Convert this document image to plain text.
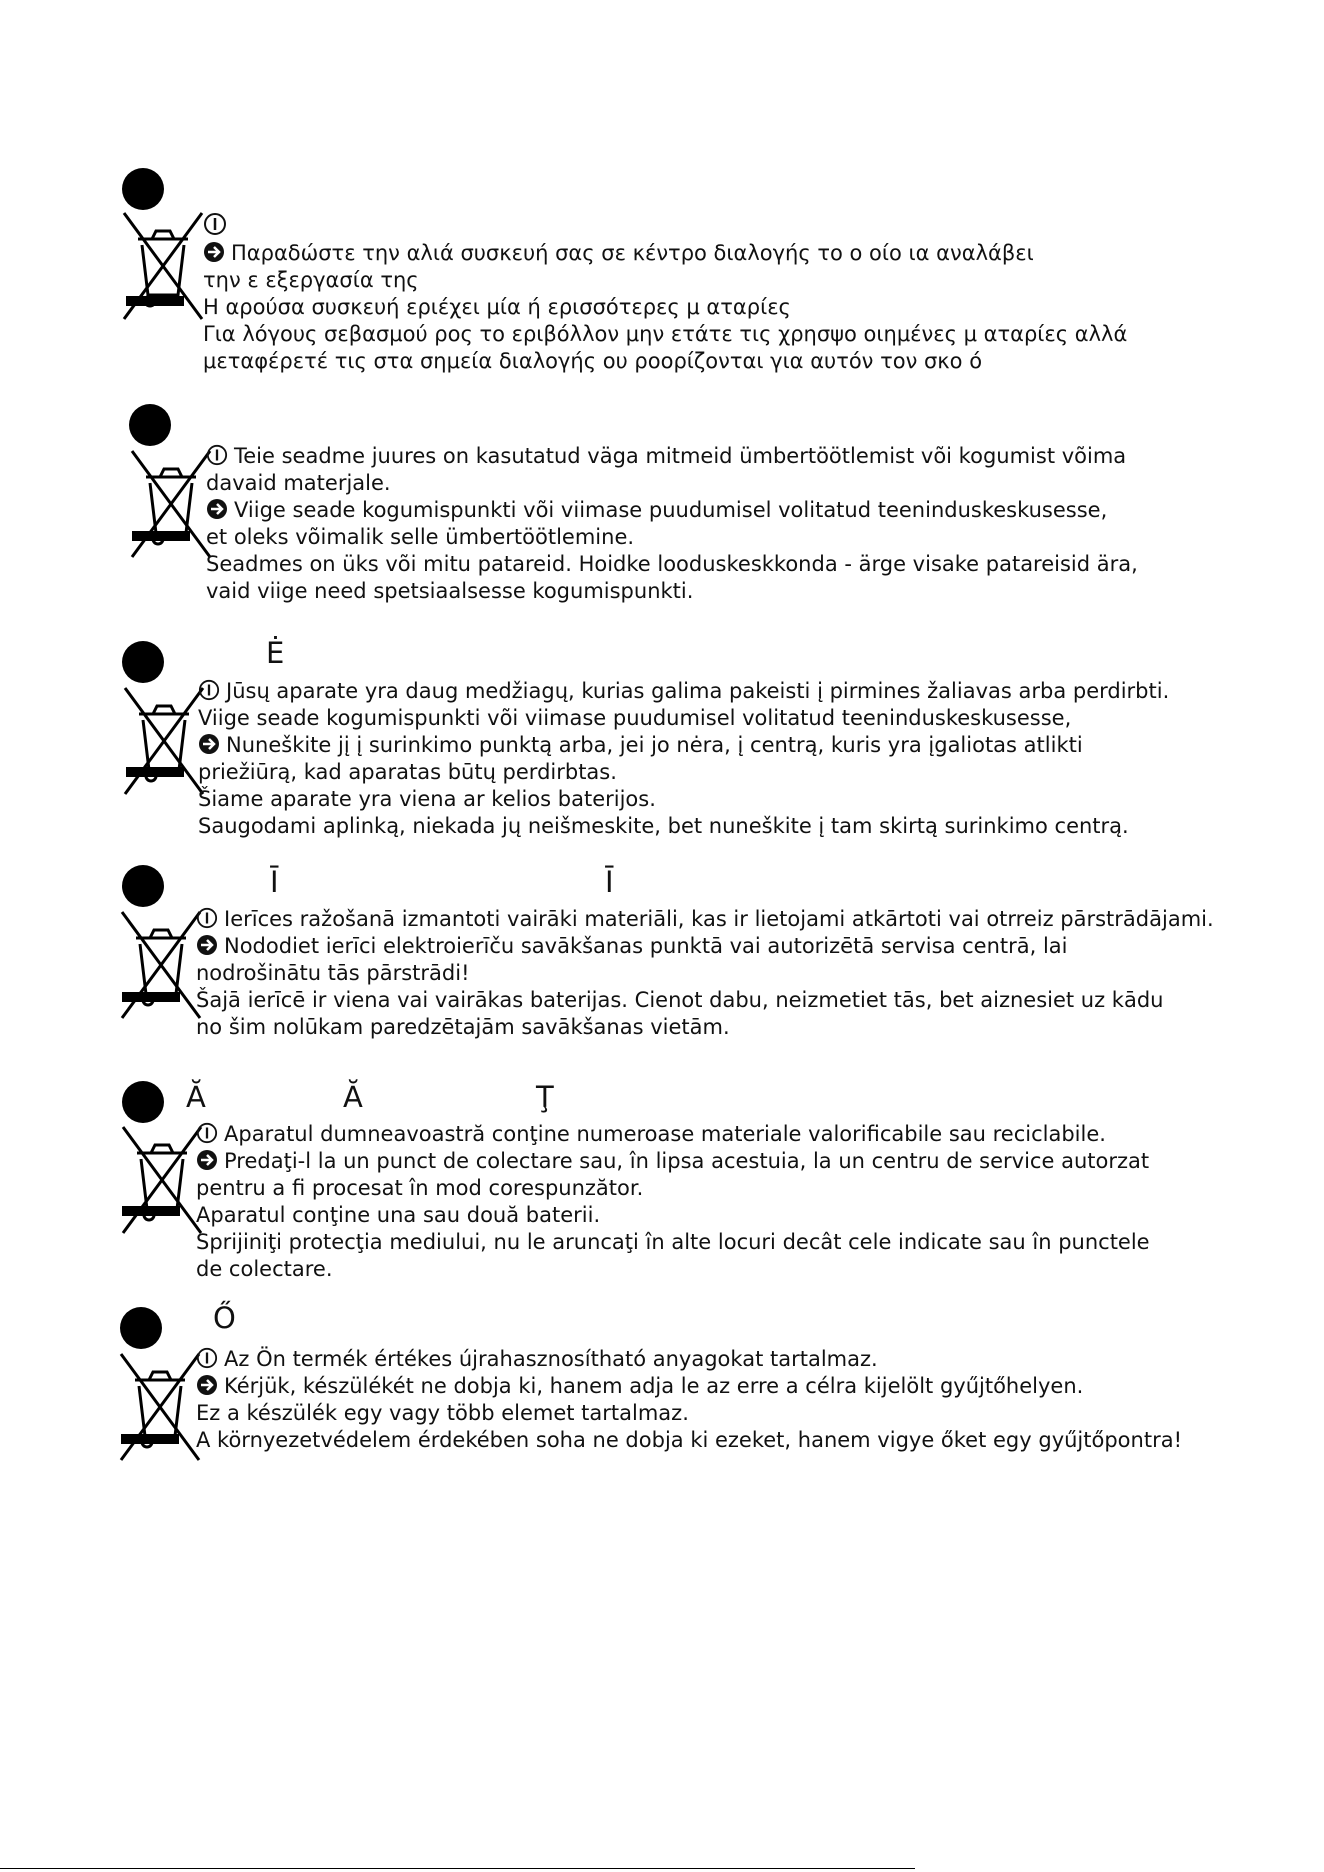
Παραδώστε την αλιά συσκευή σας σε κέντρο διαλογής το ο οίο ια αναλάβει
την ε εξεργασία της
Η αρούσα συσκευή εριέχει μία ή ερισσότερες μ αταρίες
Για λόγους σεβασμού ρος το εριβόλλον μην ετάτε τις χρησψο οιημένες μ αταρίες αλλά
μεταφέρετέ τις στα σημεία διαλογής ου ροορίζονται για αυτόν τον σκο ό
Teie seadme juures on kasutatud väga mitmeid ümbertöötlemist või kogumist võima
davaid materjale.
Viige seade kogumispunkti või viimase puudumisel volitatud teeninduskeskusesse,
et oleks võimalik selle ümbertöötlemine.
Seadmes on üks või mitu patareid. Hoidke looduskeskkonda - ärge visake patareisid ära,
vaid viige need spetsiaalsesse kogumispunkti.
Ė
Jūsų aparate yra daug medžiagų, kurias galima pakeisti į pirmines žaliavas arba perdirbti.
Viige seade kogumispunkti või viimase puudumisel volitatud teeninduskeskusesse,
Nuneškite jį į surinkimo punktą arba, jei jo nėra, į centrą, kuris yra įgaliotas atlikti
priežiūrą, kad aparatas būtų perdirbtas.
Šiame aparate yra viena ar kelios baterijos.
Saugodami aplinką, niekada jų neišmeskite, bet nuneškite į tam skirtą surinkimo centrą.
Ī	Ī
Ierīces ražošanā izmantoti vairāki materiāli, kas ir lietojami atkārtoti vai otrreiz pārstrādājami.
Nododiet ierīci elektroierīču savākšanas punktā vai autorizētā servisa centrā, lai
nodrošinātu tās pārstrādi!
Šajā ierīcē ir viena vai vairākas baterijas. Cienot dabu, neizmetiet tās, bet aiznesiet uz kādu
no šim nolūkam paredzētajām savākšanas vietām.
Ă	Ă	Ţ
Aparatul dumneavoastră conţine numeroase materiale valorificabile sau reciclabile.
Predaţi-l la un punct de colectare sau, în lipsa acestuia, la un centru de service autorzat
pentru a fi procesat în mod corespunzător.
Aparatul conţine una sau două baterii.
Sprijiniţi protecţia mediului, nu le aruncaţi în alte locuri decât cele indicate sau în punctele
de colectare.
Ő
Az Ön termék értékes újrahasznosítható anyagokat tartalmaz.
Kérjük, készülékét ne dobja ki, hanem adja le az erre a célra kijelölt gyűjtőhelyen.
Ez a készülék egy vagy több elemet tartalmaz.
A környezetvédelem érdekében soha ne dobja ki ezeket, hanem vigye őket egy gyűjtőpontra!
